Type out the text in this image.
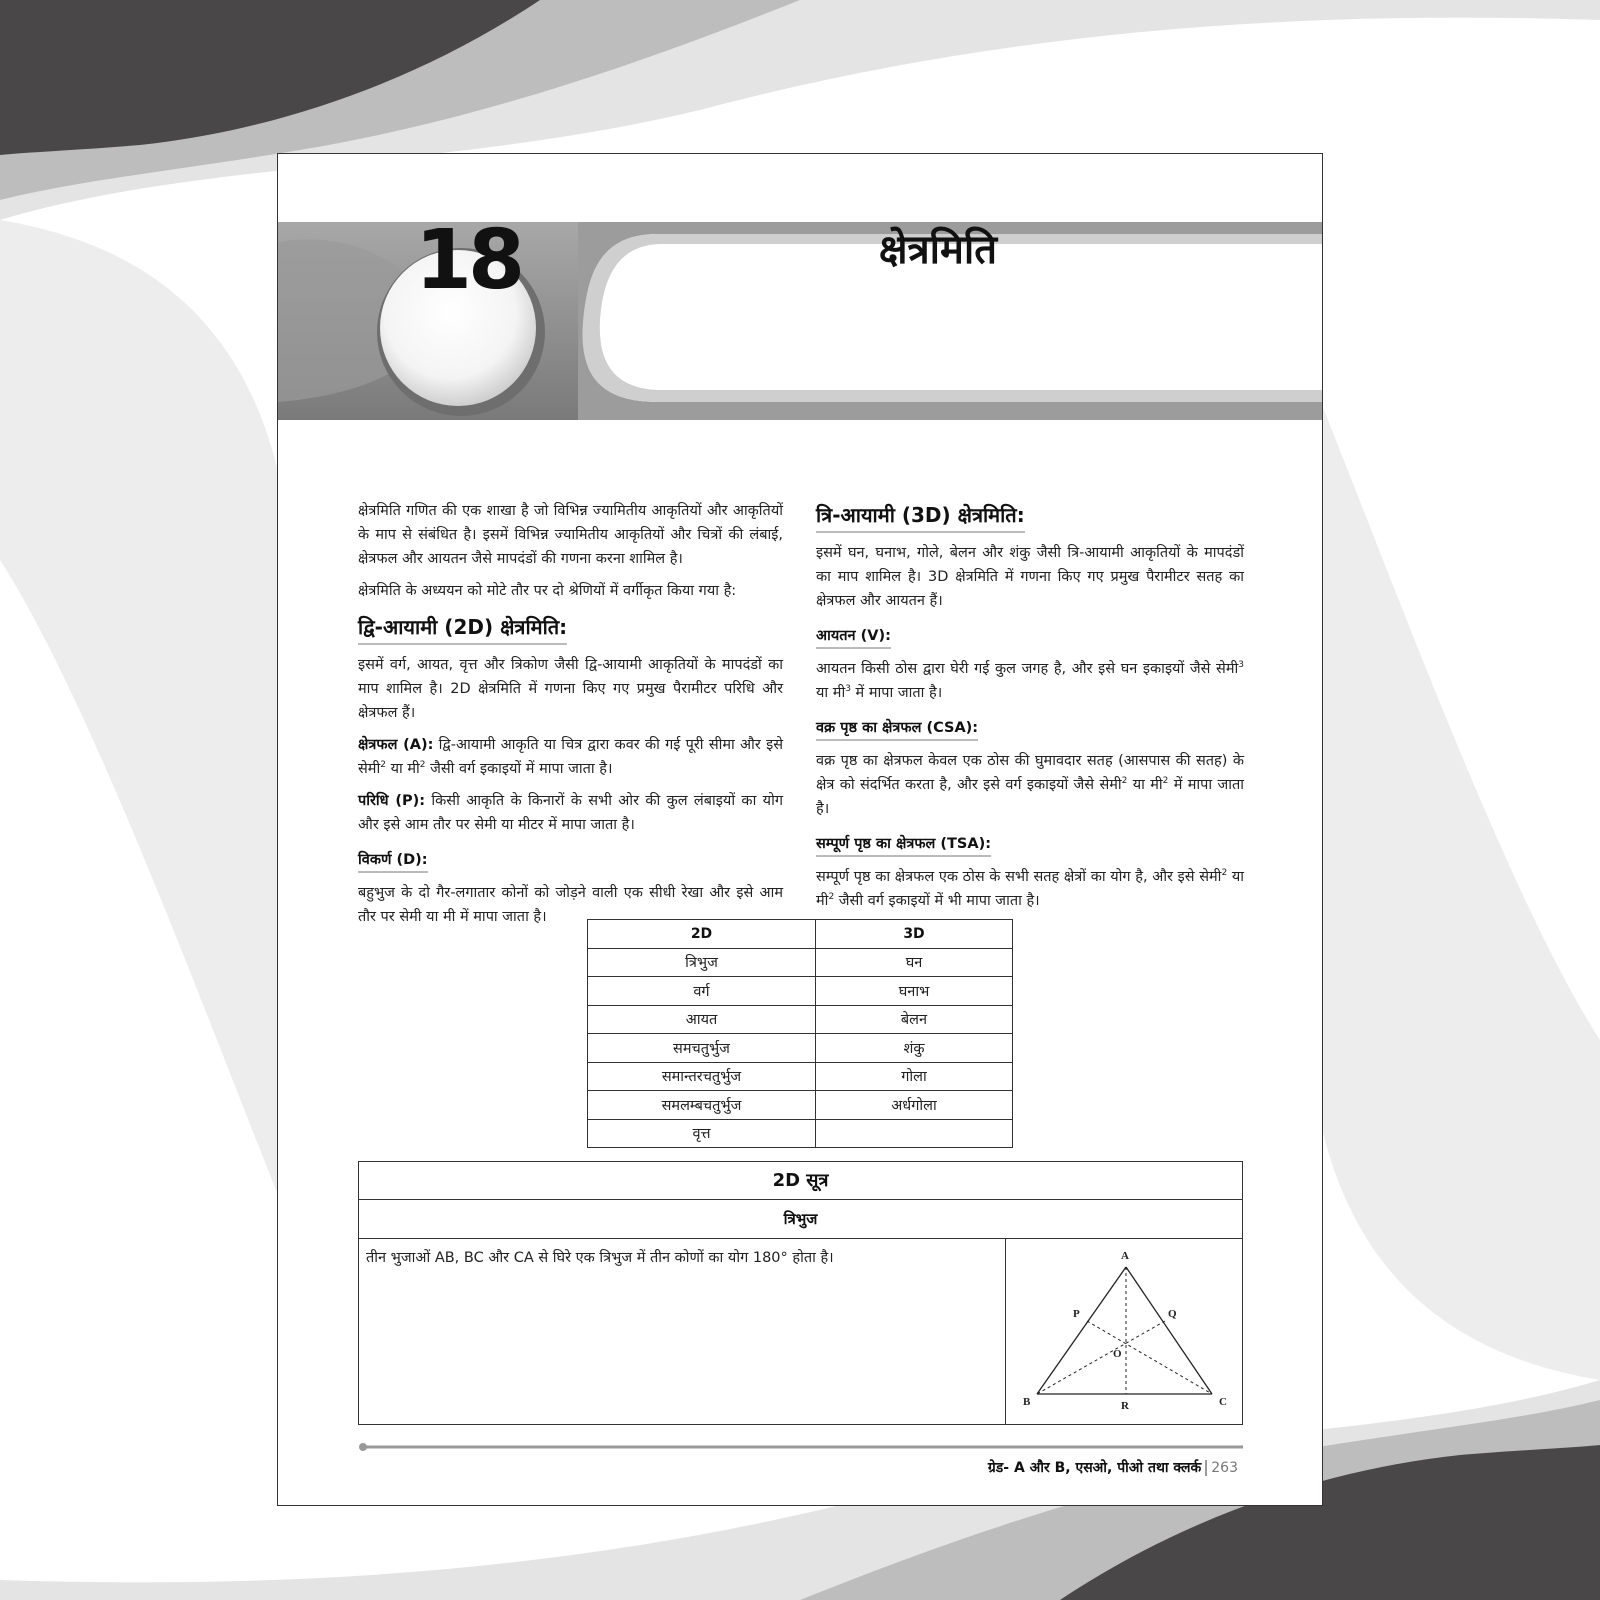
18	क्षेत्रमिति

क्षेत्रमिति गणित की एक शाखा है जो विभिन्न ज्यामितीय आकृतियों और आकृतियों के माप से संबंधित है। इसमें विभिन्न ज्यामितीय आकृतियों और चित्रों की लंबाई, क्षेत्रफल और आयतन जैसे मापदंडों की गणना करना शामिल है।

क्षेत्रमिति के अध्ययन को मोटे तौर पर दो श्रेणियों में वर्गीकृत किया गया है:

द्वि-आयामी (2D) क्षेत्रमिति:

इसमें वर्ग, आयत, वृत्त और त्रिकोण जैसी द्वि-आयामी आकृतियों के मापदंडों का माप शामिल है। 2D क्षेत्रमिति में गणना किए गए प्रमुख पैरामीटर परिधि और क्षेत्रफल हैं।

क्षेत्रफल (A): द्वि-आयामी आकृति या चित्र द्वारा कवर की गई पूरी सीमा और इसे सेमी$^2$ या मी$^2$ जैसी वर्ग इकाइयों में मापा जाता है।

परिधि (P): किसी आकृति के किनारों के सभी ओर की कुल लंबाइयों का योग और इसे आम तौर पर सेमी या मीटर में मापा जाता है।

विकर्ण (D):

बहुभुज के दो गैर-लगातार कोनों को जोड़ने वाली एक सीधी रेखा और इसे आम तौर पर सेमी या मी में मापा जाता है।

त्रि-आयामी (3D) क्षेत्रमिति:

इसमें घन, घनाभ, गोले, बेलन और शंकु जैसी त्रि-आयामी आकृतियों के मापदंडों का माप शामिल है। 3D क्षेत्रमिति में गणना किए गए प्रमुख पैरामीटर सतह का क्षेत्रफल और आयतन हैं।

आयतन (V):

आयतन किसी ठोस द्वारा घेरी गई कुल जगह है, और इसे घन इकाइयों जैसे सेमी$^3$ या मी$^3$ में मापा जाता है।

वक्र पृष्ठ का क्षेत्रफल (CSA):

वक्र पृष्ठ का क्षेत्रफल केवल एक ठोस की घुमावदार सतह (आसपास की सतह) के क्षेत्र को संदर्भित करता है, और इसे वर्ग इकाइयों जैसे सेमी$^2$ या मी$^2$ में मापा जाता है।

सम्पूर्ण पृष्ठ का क्षेत्रफल (TSA):

सम्पूर्ण पृष्ठ का क्षेत्रफल एक ठोस के सभी सतह क्षेत्रों का योग है, और इसे सेमी$^2$ या मी$^2$ जैसी वर्ग इकाइयों में भी मापा जाता है।

2D	3D
त्रिभुज	घन
वर्ग	घनाभ
आयत	बेलन
समचतुर्भुज	शंकु
समान्तरचतुर्भुज	गोला
समलम्बचतुर्भुज	अर्धगोला
वृत्त	
2D सूत्र
त्रिभुज
तीन भुजाओं AB, BC और CA से घिरे एक त्रिभुज में तीन कोणों का योग 180° होता है।	A
B	C
P	Q
R
O
ग्रेड- A और B, एसओ, पीओ तथा क्लर्क 263
